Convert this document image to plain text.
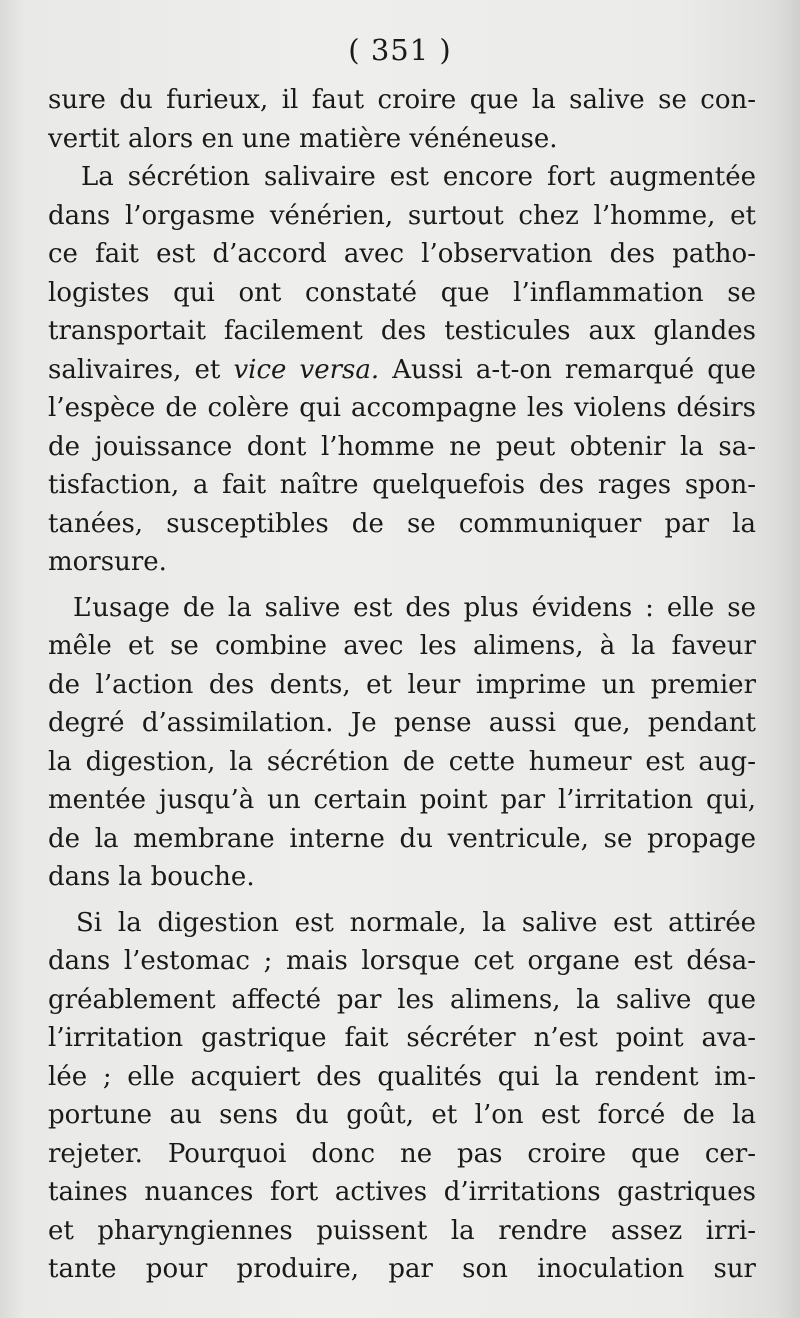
( 351 )
sure du furieux, il faut croire que la salive se con-
vertit alors en une matière vénéneuse.
La sécrétion salivaire est encore fort augmentée
dans l’orgasme vénérien, surtout chez l’homme, et
ce fait est d’accord avec l’observation des patho-
logistes qui ont constaté que l’inflammation se
transportait facilement des testicules aux glandes
salivaires, et vice versa. Aussi a-t-on remarqué que
l’espèce de colère qui accompagne les violens désirs
de jouissance dont l’homme ne peut obtenir la sa-
tisfaction, a fait naître quelquefois des rages spon-
tanées, susceptibles de se communiquer par la
morsure.
L’usage de la salive est des plus évidens : elle se
mêle et se combine avec les alimens, à la faveur
de l’action des dents, et leur imprime un premier
degré d’assimilation. Je pense aussi que, pendant
la digestion, la sécrétion de cette humeur est aug-
mentée jusqu’à un certain point par l’irritation qui,
de la membrane interne du ventricule, se propage
dans la bouche.
Si la digestion est normale, la salive est attirée
dans l’estomac ; mais lorsque cet organe est désa-
gréablement affecté par les alimens, la salive que
l’irritation gastrique fait sécréter n’est point ava-
lée ; elle acquiert des qualités qui la rendent im-
portune au sens du goût, et l’on est forcé de la
rejeter. Pourquoi donc ne pas croire que cer-
taines nuances fort actives d’irritations gastriques
et pharyngiennes puissent la rendre assez irri-
tante pour produire, par son inoculation sur
